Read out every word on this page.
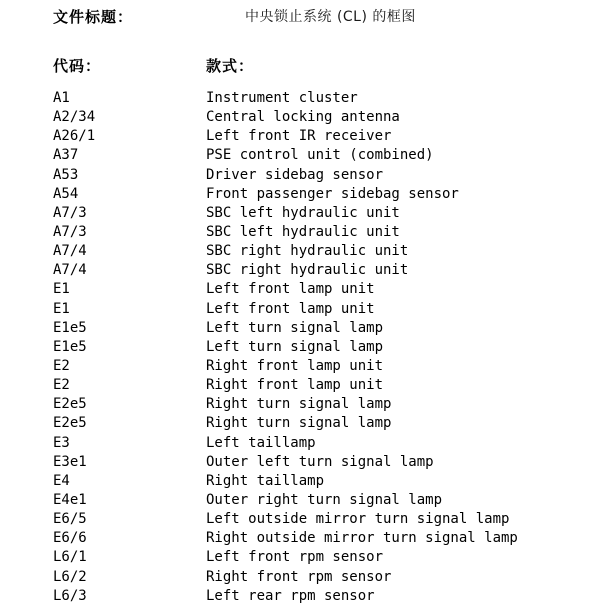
文件标题：	中央锁止系统 (CL) 的框图
代码：	款式：
A1	Instrument cluster
A2/34	Central locking antenna
A26/1	Left front IR receiver
A37	PSE control unit (combined)
A53	Driver sidebag sensor
A54	Front passenger sidebag sensor
A7/3	SBC left hydraulic unit
A7/3	SBC left hydraulic unit
A7/4	SBC right hydraulic unit
A7/4	SBC right hydraulic unit
E1	Left front lamp unit
E1	Left front lamp unit
E1e5	Left turn signal lamp
E1e5	Left turn signal lamp
E2	Right front lamp unit
E2	Right front lamp unit
E2e5	Right turn signal lamp
E2e5	Right turn signal lamp
E3	Left taillamp
E3e1	Outer left turn signal lamp
E4	Right taillamp
E4e1	Outer right turn signal lamp
E6/5	Left outside mirror turn signal lamp
E6/6	Right outside mirror turn signal lamp
L6/1	Left front rpm sensor
L6/2	Right front rpm sensor
L6/3	Left rear rpm sensor
